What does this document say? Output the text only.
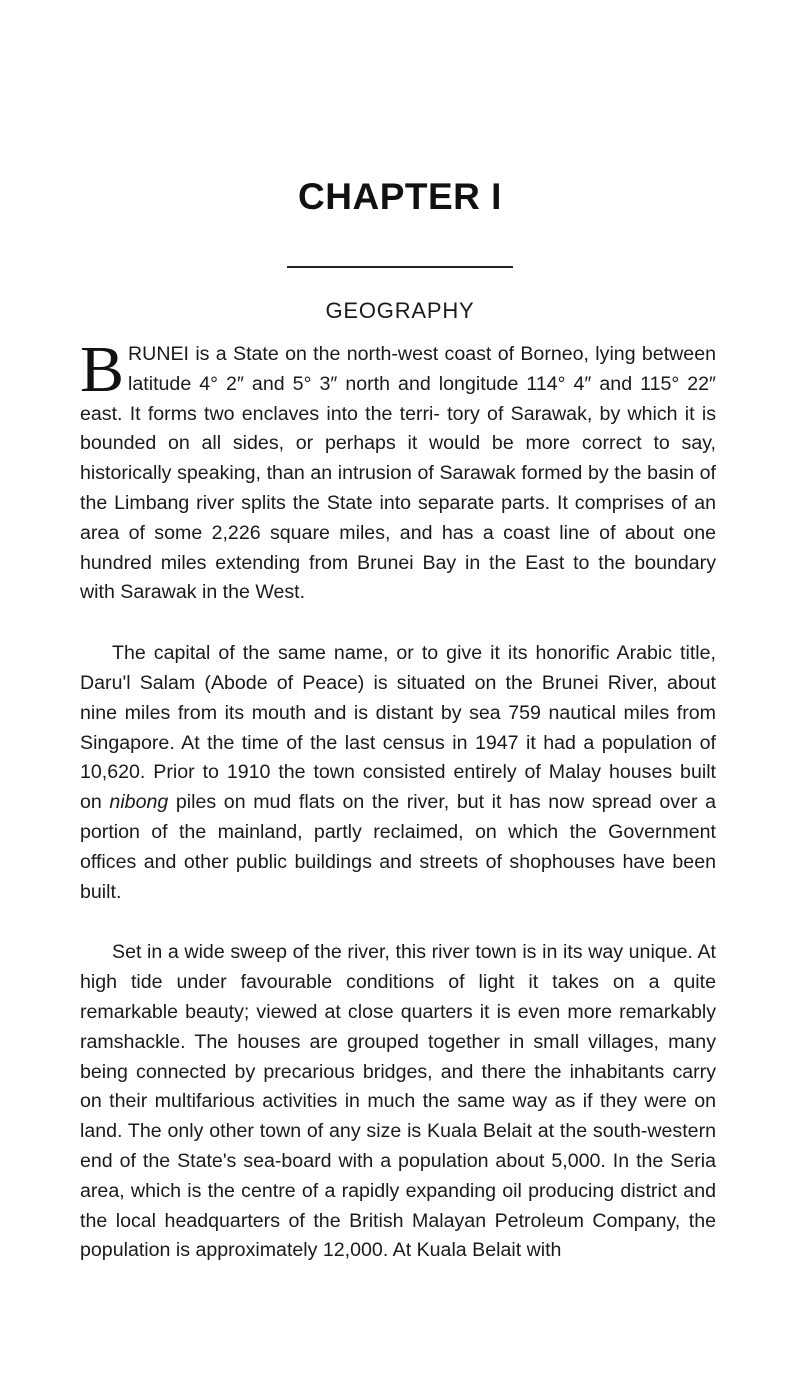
CHAPTER I
GEOGRAPHY

BRUNEI is a State on the north-west coast of Borneo, lying between latitude 4° 2″ and 5° 3″ north and longitude 114° 4″ and 115° 22″ east. It forms two enclaves into the terri- tory of Sarawak, by which it is bounded on all sides, or perhaps it would be more correct to say, historically speaking, than an intrusion of Sarawak formed by the basin of the Limbang river splits the State into separate parts. It comprises of an area of some 2,226 square miles, and has a coast line of about one hundred miles extending from Brunei Bay in the East to the boundary with Sarawak in the West.

The capital of the same name, or to give it its honorific Arabic title, Daru'l Salam (Abode of Peace) is situated on the Brunei River, about nine miles from its mouth and is distant by sea 759 nautical miles from Singapore. At the time of the last census in 1947 it had a population of 10,620. Prior to 1910 the town consisted entirely of Malay houses built on nibong piles on mud flats on the river, but it has now spread over a portion of the mainland, partly reclaimed, on which the Government offices and other public buildings and streets of shophouses have been built.

Set in a wide sweep of the river, this river town is in its way unique. At high tide under favourable conditions of light it takes on a quite remarkable beauty; viewed at close quarters it is even more remarkably ramshackle. The houses are grouped together in small villages, many being connected by precarious bridges, and there the inhabitants carry on their multifarious activities in much the same way as if they were on land. The only other town of any size is Kuala Belait at the south-western end of the State's sea-board with a population about 5,000. In the Seria area, which is the centre of a rapidly expanding oil producing district and the local headquarters of the British Malayan Petroleum Company, the population is approximately 12,000. At Kuala Belait with
